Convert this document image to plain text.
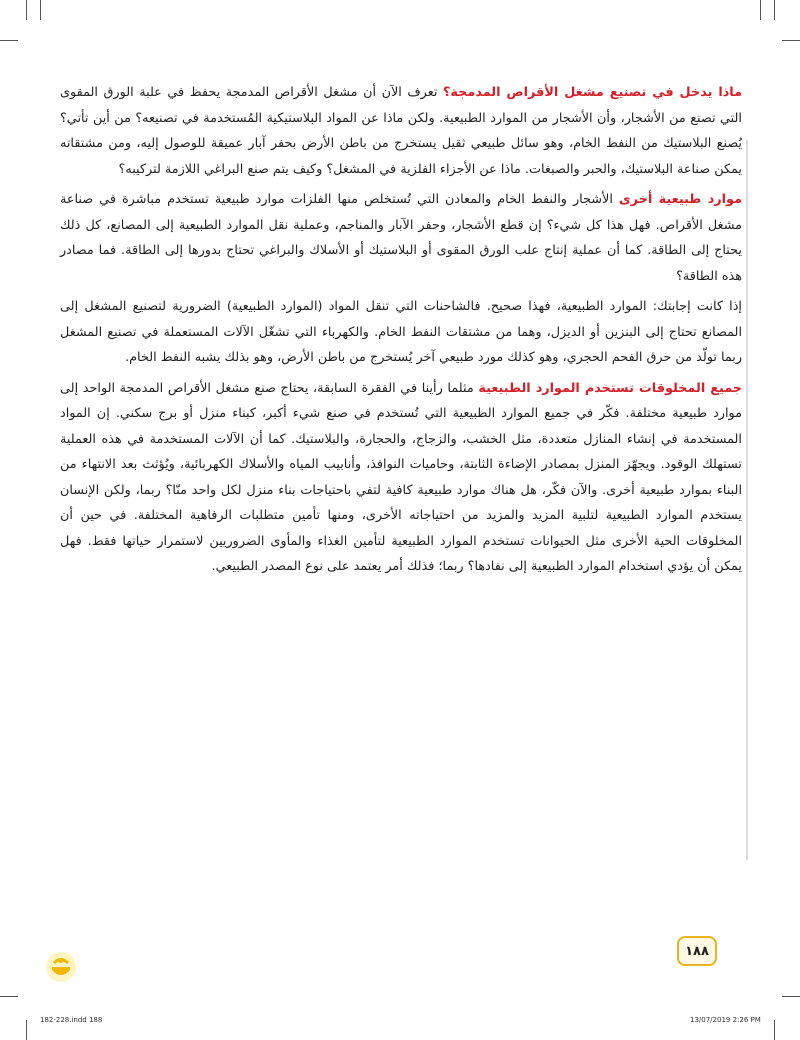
ماذا يدخل في تصنيع مشغل الأقراص المدمجة؟ تعرف الآن أن مشغل الأقراص المدمجة يحفظ في علبة الورق المقوى التي تصنع من الأشجار، وأن الأشجار من الموارد الطبيعية. ولكن ماذا عن المواد البلاستيكية المُستخدمة في تصنيعه؟ من أين تأتي؟ يُصنع البلاستيك من النفط الخام، وهو سائل طبيعي ثقيل يستخرج من باطن الأرض بحفر آبار عميقة للوصول إليه، ومن مشتقاته يمكن صناعة البلاستيك، والحبر والصبغات. ماذا عن الأجزاء الفلزية في المشغل؟ وكيف يتم صنع البراغي اللازمة لتركيبه؟

موارد طبيعية أخرى الأشجار والنفط الخام والمعادن التي تُستخلص منها الفلزات موارد طبيعية تستخدم مباشرة في صناعة مشغل الأقراص. فهل هذا كل شيء؟ إن قطع الأشجار، وحفر الآبار والمناجم، وعملية نقل الموارد الطبيعية إلى المصانع، كل ذلك يحتاج إلى الطاقة. كما أن عملية إنتاج علب الورق المقوى أو البلاستيك أو الأسلاك والبراغي تحتاج بدورها إلى الطاقة. فما مصادر هذه الطاقة؟

إذا كانت إجابتك: الموارد الطبيعية، فهذا صحيح. فالشاحنات التي تنقل المواد (الموارد الطبيعية) الضرورية لتصنيع المشغل إلى المصانع تحتاج إلى البنزين أو الديزل، وهما من مشتقات النفط الخام. والكهرباء التي تشغّل الآلات المستعملة في تصنيع المشغل ربما تولّد من حرق الفحم الحجري، وهو كذلك مورد طبيعي آخر يُستخرج من باطن الأرض، وهو بذلك يشبه النفط الخام.

جميع المخلوقات تستخدم الموارد الطبيعية مثلما رأينا في الفقرة السابقة، يحتاج صنع مشغل الأقراص المدمجة الواحد إلى موارد طبيعية مختلفة. فكّر في جميع الموارد الطبيعية التي تُستخدم في صنع شيء أكبر، كبناء منزل أو برج سكني. إن المواد المستخدمة في إنشاء المنازل متعددة، مثل الخشب، والزجاج، والحجارة، والبلاستيك. كما أن الآلات المستخدمة في هذه العملية تستهلك الوقود. ويجهّز المنزل بمصادر الإضاءة الثابتة، وحاميات النوافذ، وأنابيب المياه والأسلاك الكهربائية، ويُؤثث بعد الانتهاء من البناء بموارد طبيعية أخرى. والآن فكّر، هل هناك موارد طبيعية كافية لتفي باحتياجات بناء منزل لكل واحد منّا؟ ربما، ولكن الإنسان يستخدم الموارد الطبيعية لتلبية المزيد والمزيد من احتياجاته الأخرى، ومنها تأمين متطلبات الرفاهية المختلفة. في حين أن المخلوقات الحية الأخرى مثل الحيوانات تستخدم الموارد الطبيعية لتأمين الغذاء والمأوى الضروريين لاستمرار حياتها فقط. فهل يمكن أن يؤدي استخدام الموارد الطبيعية إلى نفادها؟ ربما؛ فذلك أمر يعتمد على نوع المصدر الطبيعي.

١٨٨
182-228.indd 188	13/07/2019 2:26 PM
